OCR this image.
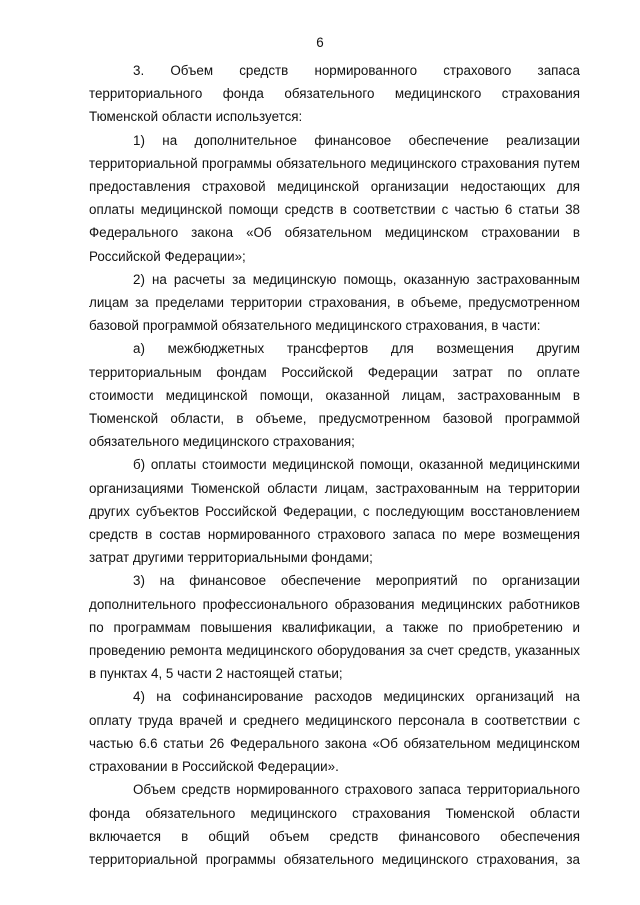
6

3. Объем средств нормированного страхового запаса территориального фонда обязательного медицинского страхования Тюменской области используется:

1) на дополнительное финансовое обеспечение реализации территориальной программы обязательного медицинского страхования путем предоставления страховой медицинской организации недостающих для оплаты медицинской помощи средств в соответствии с частью 6 статьи 38 Федерального закона «Об обязательном медицинском страховании в Российской Федерации»;

2) на расчеты за медицинскую помощь, оказанную застрахованным лицам за пределами территории страхования, в объеме, предусмотренном базовой программой обязательного медицинского страхования, в части:

а) межбюджетных трансфертов для возмещения другим территориальным фондам Российской Федерации затрат по оплате стоимости медицинской помощи, оказанной лицам, застрахованным в Тюменской области, в объеме, предусмотренном базовой программой обязательного медицинского страхования;

б) оплаты стоимости медицинской помощи, оказанной медицинскими организациями Тюменской области лицам, застрахованным на территории других субъектов Российской Федерации, с последующим восстановлением средств в состав нормированного страхового запаса по мере возмещения затрат другими территориальными фондами;

3) на финансовое обеспечение мероприятий по организации дополнительного профессионального образования медицинских работников по программам повышения квалификации, а также по приобретению и проведению ремонта медицинского оборудования за счет средств, указанных в пунктах 4, 5 части 2 настоящей статьи;

4) на софинансирование расходов медицинских организаций на оплату труда врачей и среднего медицинского персонала в соответствии с частью 6.6 статьи 26 Федерального закона «Об обязательном медицинском страховании в Российской Федерации».

Объем средств нормированного страхового запаса территориального фонда обязательного медицинского страхования Тюменской области включается в общий объем средств финансового обеспечения территориальной программы обязательного медицинского страхования, за
